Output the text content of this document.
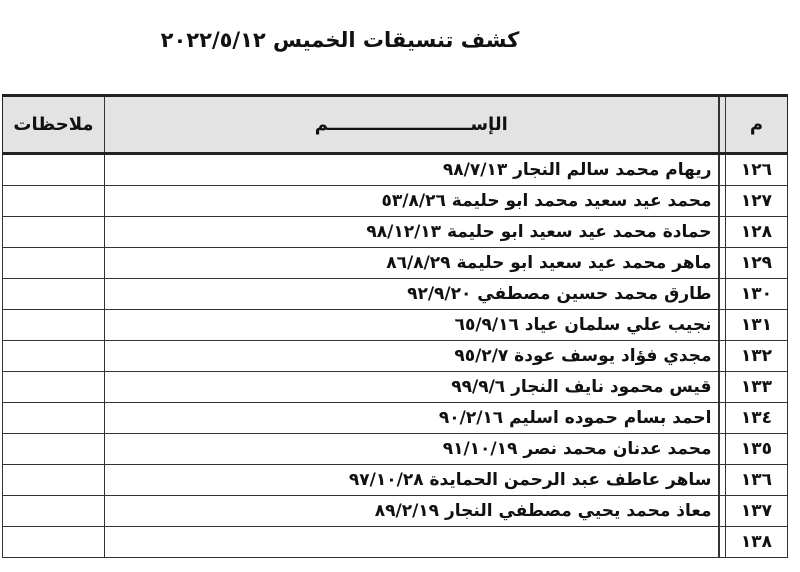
كشف تنسيقات الخميس ٢٠٢٢/٥/١٢
م		الإســـــــــــــــــــــــم	ملاحظات
١٢٦		ريهام محمد سالم النجار ٩٨/٧/١٣	
١٢٧		محمد عيد سعيد محمد ابو حليمة ٥٣/٨/٢٦	
١٢٨		حمادة محمد عيد سعيد ابو حليمة ٩٨/١٢/١٣	
١٢٩		ماهر محمد عيد سعيد ابو حليمة ٨٦/٨/٢٩	
١٣٠		طارق محمد حسين مصطفي ٩٢/٩/٢٠	
١٣١		نجيب علي سلمان عياد ٦٥/٩/١٦	
١٣٢		مجدي فؤاد يوسف عودة ٩٥/٢/٧	
١٣٣		قيس محمود نايف النجار ٩٩/٩/٦	
١٣٤		احمد بسام حموده اسليم ٩٠/٢/١٦	
١٣٥		محمد عدنان محمد نصر ٩١/١٠/١٩	
١٣٦		ساهر عاطف عبد الرحمن الحمايدة ٩٧/١٠/٢٨	
١٣٧		معاذ محمد يحيي مصطفي النجار ٨٩/٢/١٩	
١٣٨			
